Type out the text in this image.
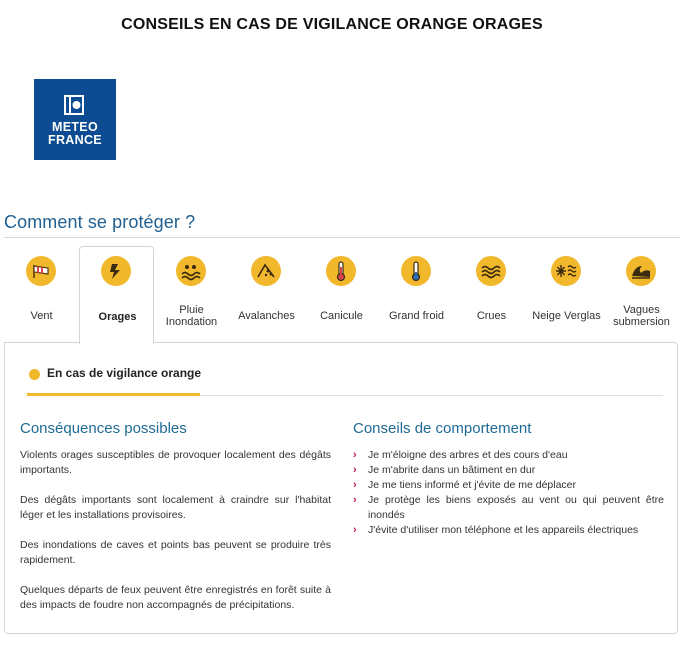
CONSEILS EN CAS DE VIGILANCE ORANGE ORAGES
METEO
FRANCE
Comment se protéger ?
Vent	Orages
Pluie
Inondation	Avalanches	Canicule	Grand froid	Crues	Neige Verglas	Vagues
submersion
En cas de vigilance orange
Conséquences possibles
Violents orages susceptibles de provoquer localement des dégâts importants.
Des dégâts importants sont localement à craindre sur l'habitat léger et les installations provisoires.
Des inondations de caves et points bas peuvent se produire très rapidement.
Quelques départs de feux peuvent être enregistrés en forêt suite à des impacts de foudre non accompagnés de précipitations.
Conseils de comportement
› Je m'éloigne des arbres et des cours d'eau
› Je m'abrite dans un bâtiment en dur
› Je me tiens informé et j'évite de me déplacer
› Je protège les biens exposés au vent ou qui peuvent être inondés
› J'évite d'utiliser mon téléphone et les appareils électriques
